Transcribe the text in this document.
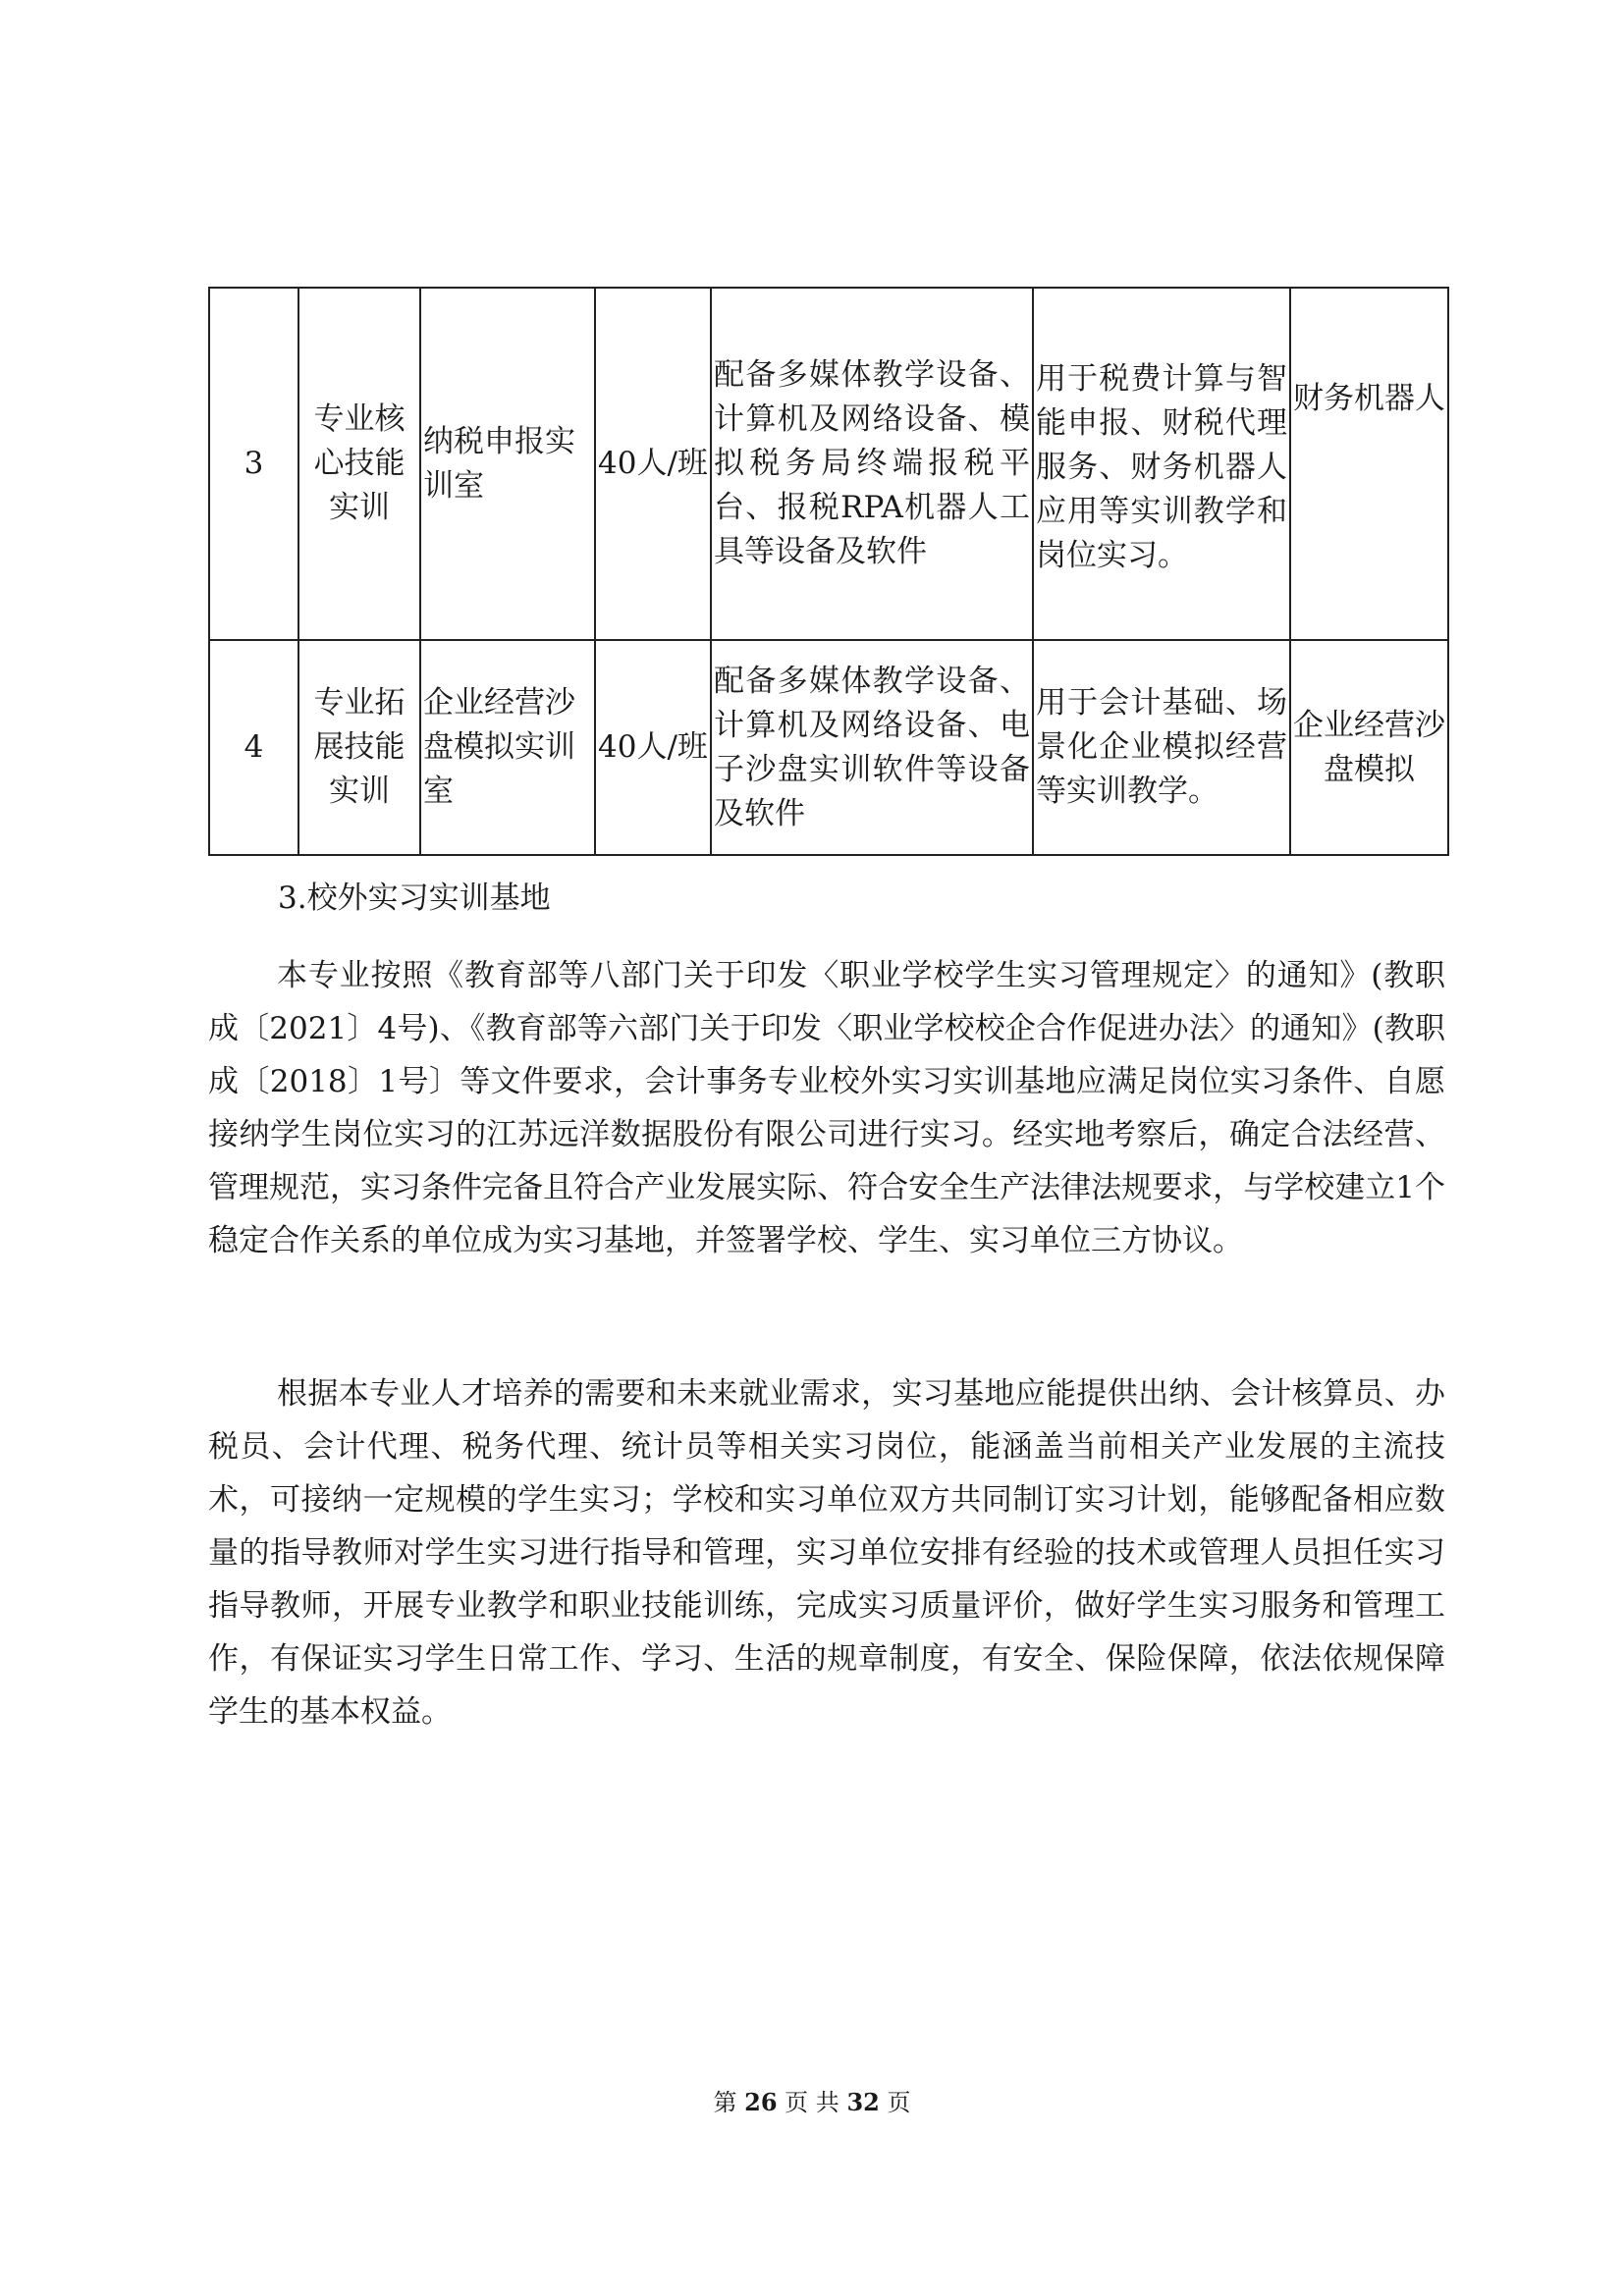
3	专业核心技能实训	纳税申报实训室	40人/班	配备多媒体教学设备、计算机及网络设备、模拟税务局终端报税平台、报税RPA机器人工具等设备及软件	用于税费计算与智能申报、财税代理服务、财务机器人应用等实训教学和岗位实习。	财务机器人
4	专业拓展技能实训	企业经营沙盘模拟实训室	40人/班	配备多媒体教学设备、计算机及网络设备、电子沙盘实训软件等设备及软件	用于会计基础、场景化企业模拟经营等实训教学。	企业经营沙盘模拟
3.校外实习实训基地

本专业按照《教育部等八部门关于印发〈职业学校学生实习管理规定〉的通知》(教职成〔2021〕4号)、《教育部等六部门关于印发〈职业学校校企合作促进办法〉的通知》(教职成〔2018〕1号〕等文件要求，会计事务专业校外实习实训基地应满足岗位实习条件、自愿接纳学生岗位实习的江苏远洋数据股份有限公司进行实习。经实地考察后，确定合法经营、管理规范，实习条件完备且符合产业发展实际、符合安全生产法律法规要求，与学校建立1个稳定合作关系的单位成为实习基地，并签署学校、学生、实习单位三方协议。

根据本专业人才培养的需要和未来就业需求，实习基地应能提供出纳、会计核算员、办税员、会计代理、税务代理、统计员等相关实习岗位，能涵盖当前相关产业发展的主流技术，可接纳一定规模的学生实习；学校和实习单位双方共同制订实习计划，能够配备相应数量的指导教师对学生实习进行指导和管理，实习单位安排有经验的技术或管理人员担任实习指导教师，开展专业教学和职业技能训练，完成实习质量评价，做好学生实习服务和管理工作，有保证实习学生日常工作、学习、生活的规章制度，有安全、保险保障，依法依规保障学生的基本权益。

第 26 页 共 32 页
